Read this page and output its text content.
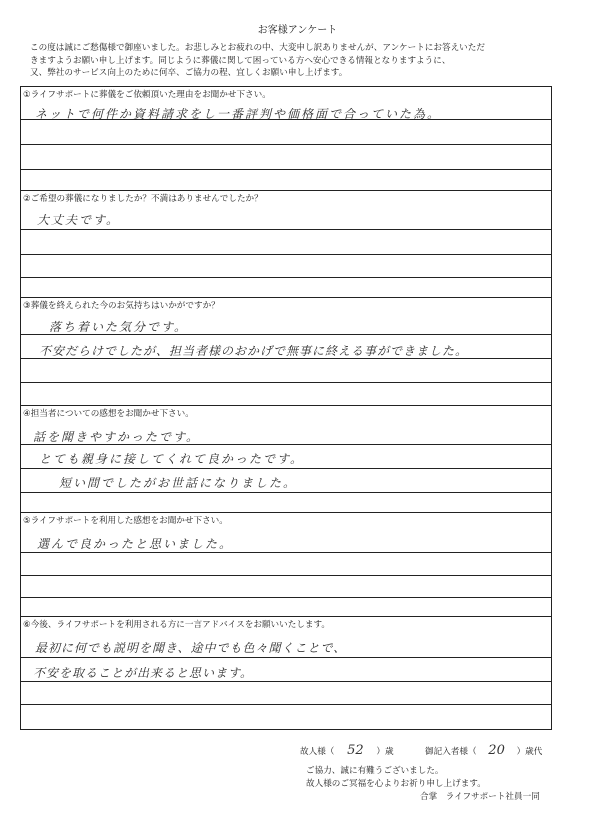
お客様アンケート
この度は誠にご愁傷様で御座いました。お悲しみとお疲れの中、大変申し訳ありませんが、アンケートにお答えいただ
きますようお願い申し上げます。同じように葬儀に関して困っている方へ安心できる情報となりますように、
又、弊社のサービス向上のために何卒、ご協力の程、宜しくお願い申し上げます。
①ライフサポートに葬儀をご依頼頂いた理由をお聞かせ下さい。
ネットで何件か資料請求をし一番評判や価格面で合っていた為。
②ご希望の葬儀になりましたか？不満はありませんでしたか？
大丈夫です。
③葬儀を終えられた今のお気持ちはいかがですか？
落ち着いた気分です。
不安だらけでしたが、担当者様のおかげで無事に終える事ができました。
④担当者についての感想をお聞かせ下さい。
話を聞きやすかったです。
とても親身に接してくれて良かったです。
短い間でしたがお世話になりました。
⑤ライフサポートを利用した感想をお聞かせ下さい。
選んで良かったと思いました。
⑥今後、ライフサポートを利用される方に一言アドバイスをお願いいたします。
最初に何でも説明を聞き、途中でも色々聞くことで、
不安を取ることが出来ると思います。
故人様（ 52 ）歳	御記入者様（ 20 ）歳代
ご協力、誠に有難うございました。
故人様のご冥福を心よりお祈り申し上げます。
合掌　ライフサポート社員一同
